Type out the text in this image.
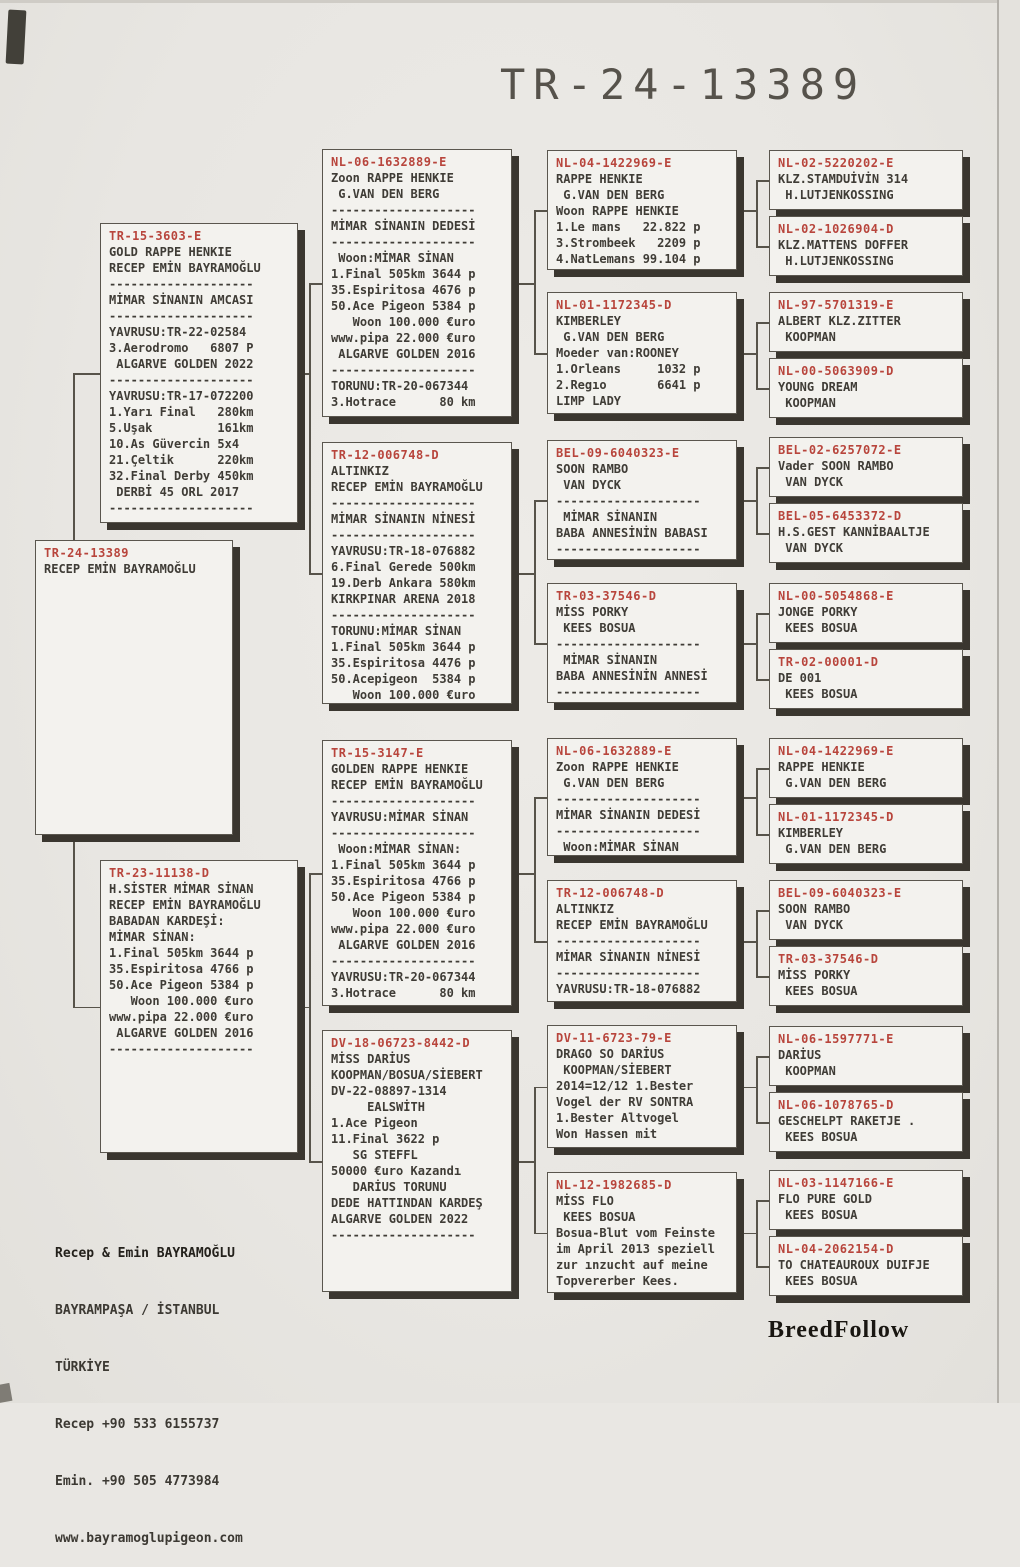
TR-24-13389
TR-24-13389
RECEP EMİN BAYRAMOĞLU
TR-15-3603-E
GOLD RAPPE HENKIE
RECEP EMİN BAYRAMOĞLU
--------------------
MİMAR SİNANIN AMCASI
--------------------
YAVRUSU:TR-22-02584
3.Aerodromo   6807 P
ALGARVE GOLDEN 2022
--------------------
YAVRUSU:TR-17-072200
1.Yarı Final   280km
5.Uşak         161km
10.As Güvercin 5x4
21.Çeltik      220km
32.Final Derby 450km
DERBİ 45 ORL 2017
--------------------
TR-23-11138-D
H.SİSTER MİMAR SİNAN
RECEP EMİN BAYRAMOĞLU
BABADAN KARDEŞİ:
MİMAR SİNAN:
1.Final 505km 3644 p
35.Espiritosa 4766 p
50.Ace Pigeon 5384 p
Woon 100.000 €uro
www.pipa 22.000 €uro
ALGARVE GOLDEN 2016
--------------------
NL-06-1632889-E
Zoon RAPPE HENKIE
G.VAN DEN BERG
--------------------
MİMAR SİNANIN DEDESİ
--------------------
Woon:MİMAR SİNAN
1.Final 505km 3644 p
35.Espiritosa 4676 p
50.Ace Pigeon 5384 p
Woon 100.000 €uro
www.pipa 22.000 €uro
ALGARVE GOLDEN 2016
--------------------
TORUNU:TR-20-067344
3.Hotrace      80 km
TR-12-006748-D
ALTINKIZ
RECEP EMİN BAYRAMOĞLU
--------------------
MİMAR SİNANIN NİNESİ
--------------------
YAVRUSU:TR-18-076882
6.Final Gerede 500km
19.Derb Ankara 580km
KIRKPINAR ARENA 2018
--------------------
TORUNU:MİMAR SİNAN
1.Final 505km 3644 p
35.Espiritosa 4476 p
50.Acepigeon  5384 p
Woon 100.000 €uro
TR-15-3147-E
GOLDEN RAPPE HENKIE
RECEP EMİN BAYRAMOĞLU
--------------------
YAVRUSU:MİMAR SİNAN
--------------------
Woon:MİMAR SİNAN:
1.Final 505km 3644 p
35.Espiritosa 4766 p
50.Ace Pigeon 5384 p
Woon 100.000 €uro
www.pipa 22.000 €uro
ALGARVE GOLDEN 2016
--------------------
YAVRUSU:TR-20-067344
3.Hotrace      80 km
DV-18-06723-8442-D
MİSS DARİUS
KOOPMAN/BOSUA/SİEBERT
DV-22-08897-1314
EALSWİTH
1.Ace Pigeon
11.Final 3622 p
SG STEFFL
50000 €uro Kazandı
DARİUS TORUNU
DEDE HATTINDAN KARDEŞ
ALGARVE GOLDEN 2022
--------------------
NL-04-1422969-E
RAPPE HENKIE
G.VAN DEN BERG
Woon RAPPE HENKIE
1.Le mans   22.822 p
3.Strombeek   2209 p
4.NatLemans 99.104 p
NL-01-1172345-D
KIMBERLEY
G.VAN DEN BERG
Moeder van:ROONEY
1.Orleans     1032 p
2.Regıo       6641 p
LIMP LADY
BEL-09-6040323-E
SOON RAMBO
VAN DYCK
--------------------
MİMAR SİNANIN
BABA ANNESİNİN BABASI
--------------------
TR-03-37546-D
MİSS PORKY
KEES BOSUA
--------------------
MİMAR SİNANIN
BABA ANNESİNİN ANNESİ
--------------------
NL-06-1632889-E
Zoon RAPPE HENKIE
G.VAN DEN BERG
--------------------
MİMAR SİNANIN DEDESİ
--------------------
Woon:MİMAR SİNAN
TR-12-006748-D
ALTINKIZ
RECEP EMİN BAYRAMOĞLU
--------------------
MİMAR SİNANIN NİNESİ
--------------------
YAVRUSU:TR-18-076882
DV-11-6723-79-E
DRAGO SO DARİUS
KOOPMAN/SİEBERT
2014=12/12 1.Bester
Vogel der RV SONTRA
1.Bester Altvogel
Won Hassen mit
NL-12-1982685-D
MİSS FLO
KEES BOSUA
Bosua-Blut vom Feinste
im April 2013 speziell
zur ınzucht auf meine
Topvererber Kees.
NL-02-5220202-E
KLZ.STAMDUİVİN 314
H.LUTJENKOSSING
NL-02-1026904-D
KLZ.MATTENS DOFFER
H.LUTJENKOSSING
NL-97-5701319-E
ALBERT KLZ.ZITTER
KOOPMAN
NL-00-5063909-D
YOUNG DREAM
KOOPMAN
BEL-02-6257072-E
Vader SOON RAMBO
VAN DYCK
BEL-05-6453372-D
H.S.GEST KANNİBAALTJE
VAN DYCK
NL-00-5054868-E
JONGE PORKY
KEES BOSUA
TR-02-00001-D
DE 001
KEES BOSUA
NL-04-1422969-E
RAPPE HENKIE
G.VAN DEN BERG
NL-01-1172345-D
KIMBERLEY
G.VAN DEN BERG
BEL-09-6040323-E
SOON RAMBO
VAN DYCK
TR-03-37546-D
MİSS PORKY
KEES BOSUA
NL-06-1597771-E
DARİUS
KOOPMAN
NL-06-1078765-D
GESCHELPT RAKETJE .
KEES BOSUA
NL-03-1147166-E
FLO PURE GOLD
KEES BOSUA
NL-04-2062154-D
TO CHATEAUROUX DUIFJE
KEES BOSUA

Recep & Emin BAYRAMOĞLU

BAYRAMPAŞA / İSTANBUL

TÜRKİYE

Recep +90 533 6155737

Emin. +90 505 4773984

www.bayramoglupigeon.com

BreedFollow
